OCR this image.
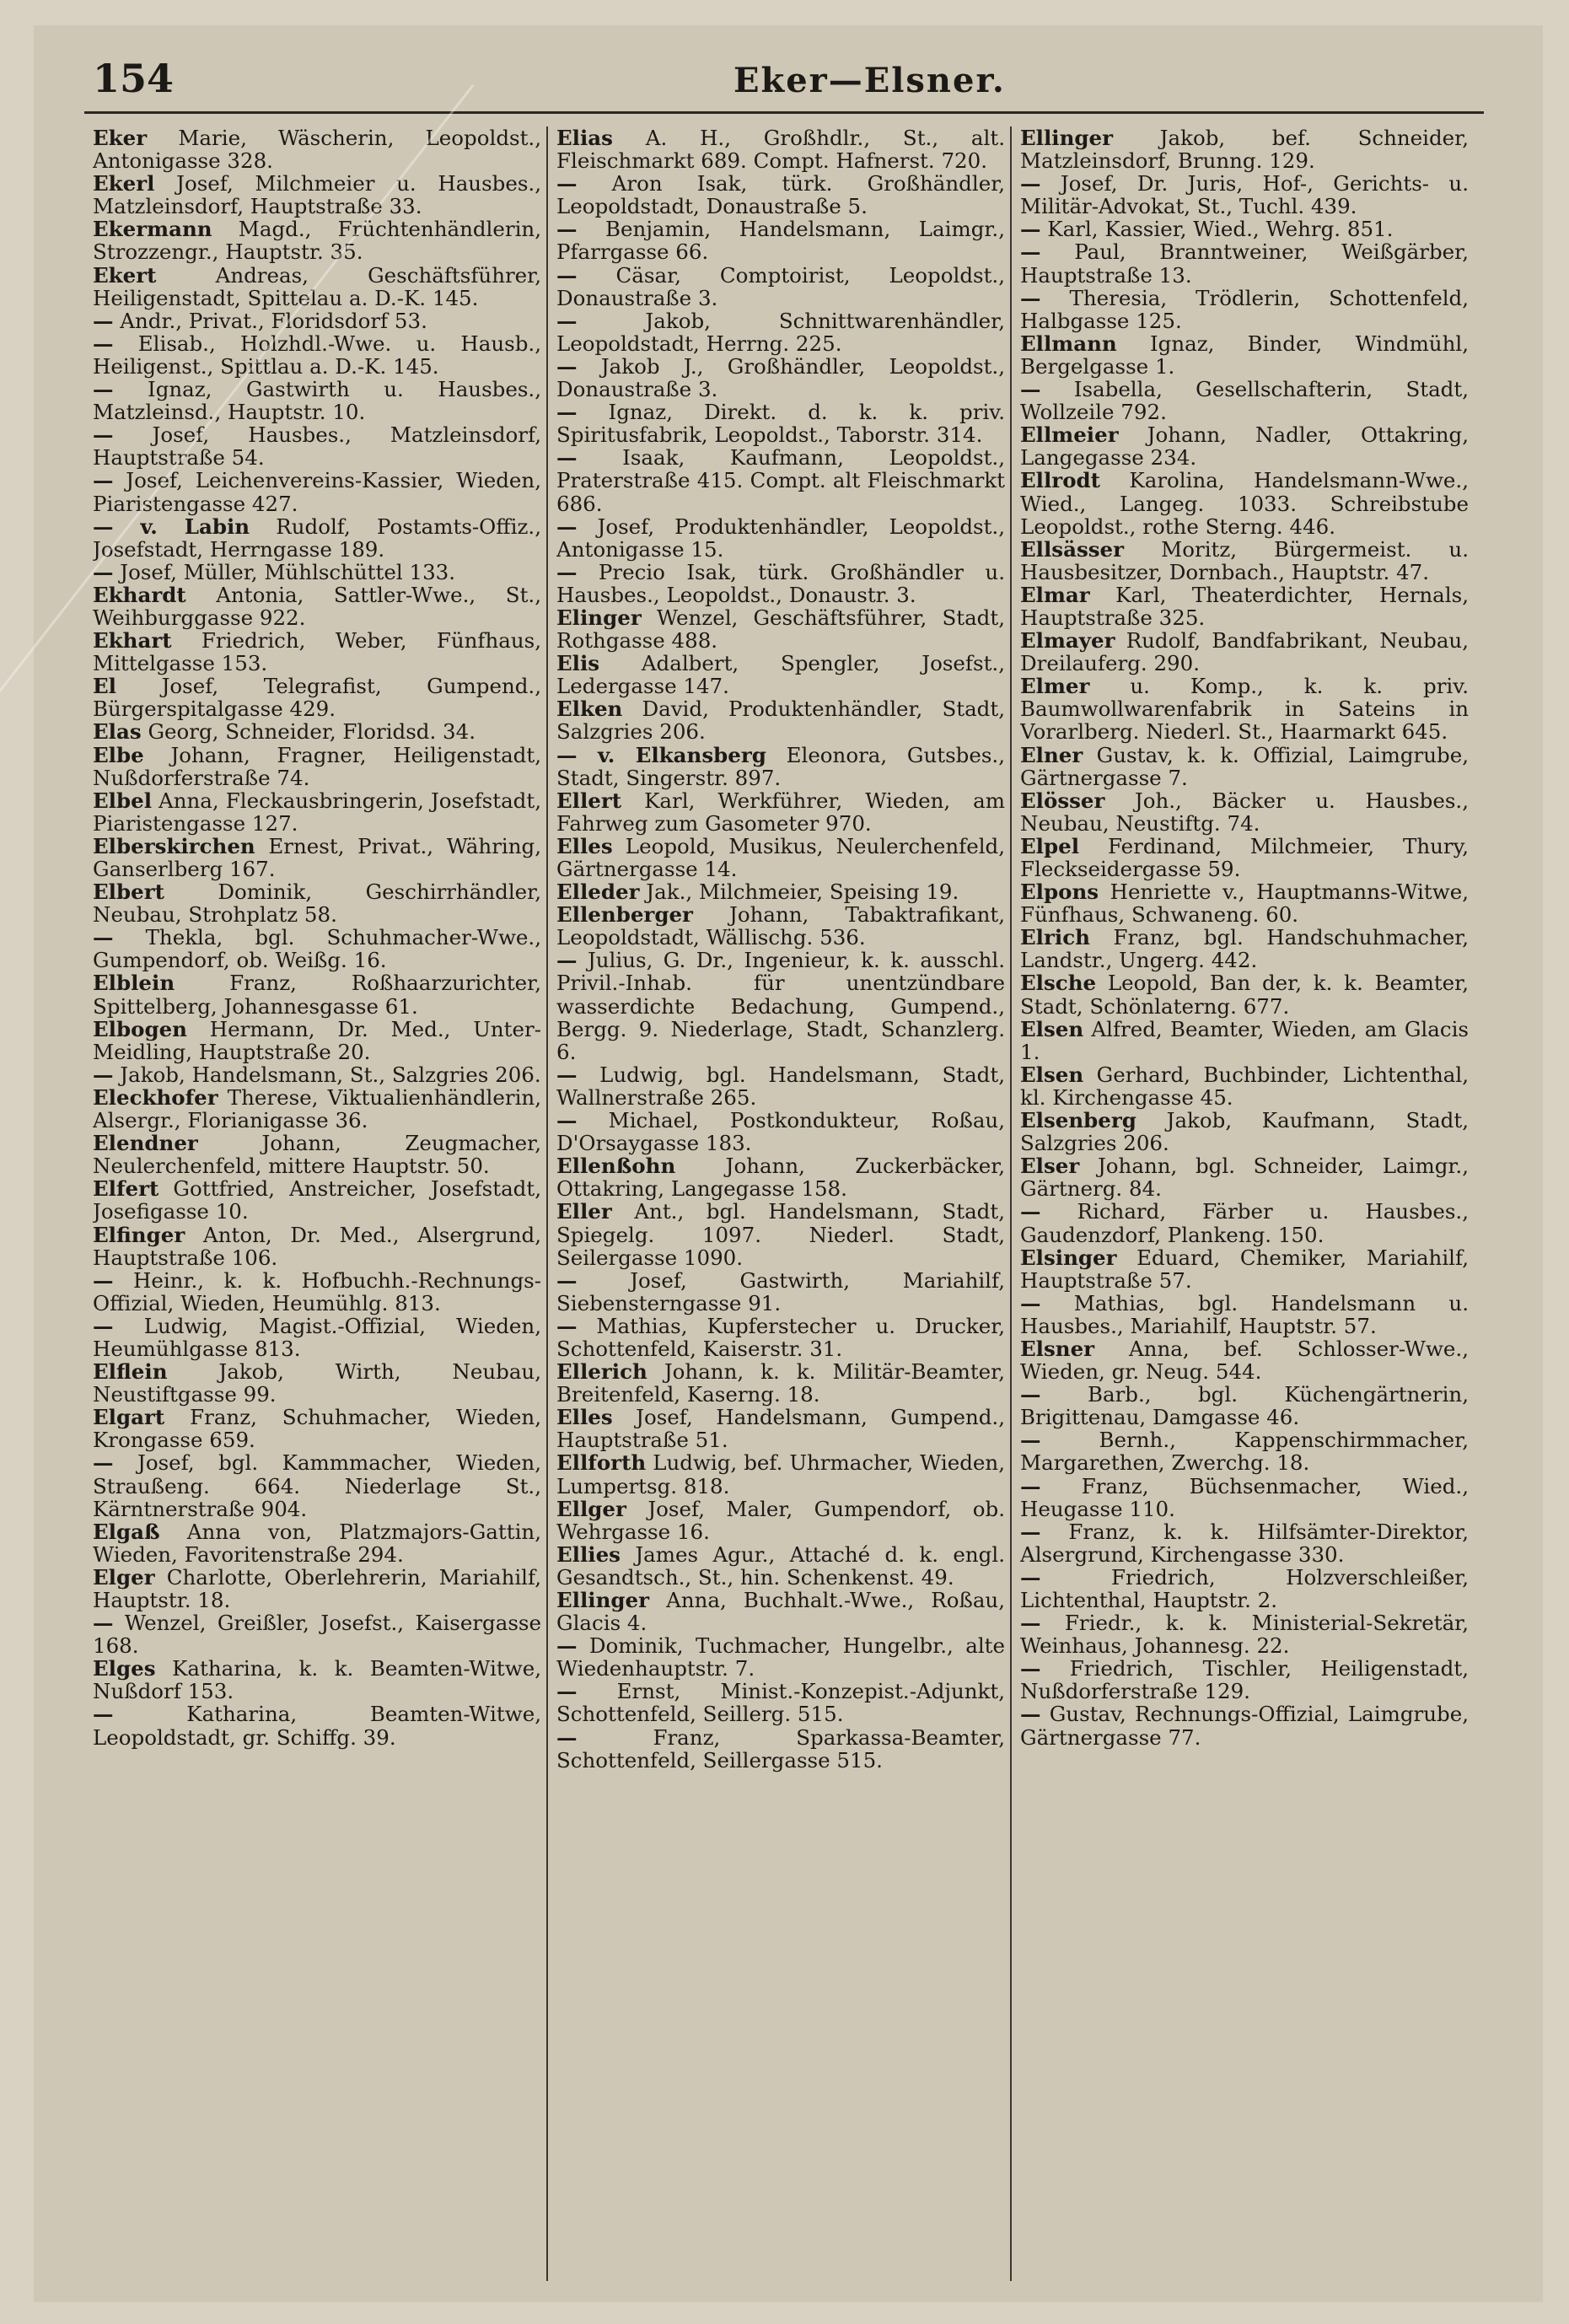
154	Eker—Elsner.

Eker Marie, Wäscherin, Leopoldst., Antonigasse 328.

Ekerl Josef, Milchmeier u. Hausbes., Matzleinsdorf, Hauptstraße 33.

Ekermann Magd., Früchtenhändlerin, Strozzengr., Hauptstr. 35.

Ekert Andreas, Geschäftsführer, Heiligenstadt, Spittelau a. D.-K. 145.

— Andr., Privat., Floridsdorf 53.

— Elisab., Holzhdl.-Wwe. u. Hausb., Heiligenst., Spittlau a. D.-K. 145.

— Ignaz, Gastwirth u. Hausbes., Matzleinsd., Hauptstr. 10.

— Josef, Hausbes., Matzleinsdorf, Hauptstraße 54.

— Josef, Leichenvereins-Kassier, Wieden, Piaristengasse 427.

— v. Labin Rudolf, Postamts-Offiz., Josefstadt, Herrngasse 189.

— Josef, Müller, Mühlschüttel 133.

Ekhardt Antonia, Sattler-Wwe., St., Weihburggasse 922.

Ekhart Friedrich, Weber, Fünfhaus, Mittelgasse 153.

El Josef, Telegrafist, Gumpend., Bürgerspitalgasse 429.

Elas Georg, Schneider, Floridsd. 34.

Elbe Johann, Fragner, Heiligenstadt, Nußdorferstraße 74.

Elbel Anna, Fleckausbringerin, Josefstadt, Piaristengasse 127.

Elberskirchen Ernest, Privat., Währing, Ganserlberg 167.

Elbert Dominik, Geschirrhändler, Neubau, Strohplatz 58.

— Thekla, bgl. Schuhmacher-Wwe., Gumpendorf, ob. Weißg. 16.

Elblein Franz, Roßhaarzurichter, Spittelberg, Johannesgasse 61.

Elbogen Hermann, Dr. Med., Unter-Meidling, Hauptstraße 20.

— Jakob, Handelsmann, St., Salzgries 206.

Eleckhofer Therese, Viktualienhändlerin, Alsergr., Florianigasse 36.

Elendner Johann, Zeugmacher, Neulerchenfeld, mittere Hauptstr. 50.

Elfert Gottfried, Anstreicher, Josefstadt, Josefigasse 10.

Elfinger Anton, Dr. Med., Alsergrund, Hauptstraße 106.

— Heinr., k. k. Hofbuchh.-Rechnungs-Offizial, Wieden, Heumühlg. 813.

— Ludwig, Magist.-Offizial, Wieden, Heumühlgasse 813.

Elflein Jakob, Wirth, Neubau, Neustiftgasse 99.

Elgart Franz, Schuhmacher, Wieden, Krongasse 659.

— Josef, bgl. Kammmacher, Wieden, Straußeng. 664. Niederlage St., Kärntnerstraße 904.

Elgaß Anna von, Platzmajors-Gattin, Wieden, Favoritenstraße 294.

Elger Charlotte, Oberlehrerin, Mariahilf, Hauptstr. 18.

— Wenzel, Greißler, Josefst., Kaisergasse 168.

Elges Katharina, k. k. Beamten-Witwe, Nußdorf 153.

— Katharina, Beamten-Witwe, Leopoldstadt, gr. Schiffg. 39.

Elias A. H., Großhdlr., St., alt. Fleischmarkt 689. Compt. Hafnerst. 720.

— Aron Isak, türk. Großhändler, Leopoldstadt, Donaustraße 5.

— Benjamin, Handelsmann, Laimgr., Pfarrgasse 66.

— Cäsar, Comptoirist, Leopoldst., Donaustraße 3.

— Jakob, Schnittwarenhändler, Leopoldstadt, Herrng. 225.

— Jakob J., Großhändler, Leopoldst., Donaustraße 3.

— Ignaz, Direkt. d. k. k. priv. Spiritusfabrik, Leopoldst., Taborstr. 314.

— Isaak, Kaufmann, Leopoldst., Praterstraße 415. Compt. alt Fleischmarkt 686.

— Josef, Produktenhändler, Leopoldst., Antonigasse 15.

— Precio Isak, türk. Großhändler u. Hausbes., Leopoldst., Donaustr. 3.

Elinger Wenzel, Geschäftsführer, Stadt, Rothgasse 488.

Elis Adalbert, Spengler, Josefst., Ledergasse 147.

Elken David, Produktenhändler, Stadt, Salzgries 206.

— v. Elkansberg Eleonora, Gutsbes., Stadt, Singerstr. 897.

Ellert Karl, Werkführer, Wieden, am Fahrweg zum Gasometer 970.

Elles Leopold, Musikus, Neulerchenfeld, Gärtnergasse 14.

Elleder Jak., Milchmeier, Speising 19.

Ellenberger Johann, Tabaktrafikant, Leopoldstadt, Wällischg. 536.

— Julius, G. Dr., Ingenieur, k. k. ausschl. Privil.-Inhab. für unentzündbare wasserdichte Bedachung, Gumpend., Bergg. 9. Niederlage, Stadt, Schanzlerg. 6.

— Ludwig, bgl. Handelsmann, Stadt, Wallnerstraße 265.

— Michael, Postkondukteur, Roßau, D'Orsaygasse 183.

Ellenßohn Johann, Zuckerbäcker, Ottakring, Langegasse 158.

Eller Ant., bgl. Handelsmann, Stadt, Spiegelg. 1097. Niederl. Stadt, Seilergasse 1090.

— Josef, Gastwirth, Mariahilf, Siebensterngasse 91.

— Mathias, Kupferstecher u. Drucker, Schottenfeld, Kaiserstr. 31.

Ellerich Johann, k. k. Militär-Beamter, Breitenfeld, Kaserng. 18.

Elles Josef, Handelsmann, Gumpend., Hauptstraße 51.

Ellforth Ludwig, bef. Uhrmacher, Wieden, Lumpertsg. 818.

Ellger Josef, Maler, Gumpendorf, ob. Wehrgasse 16.

Ellies James Agur., Attaché d. k. engl. Gesandtsch., St., hin. Schenkenst. 49.

Ellinger Anna, Buchhalt.-Wwe., Roßau, Glacis 4.

— Dominik, Tuchmacher, Hungelbr., alte Wiedenhauptstr. 7.

— Ernst, Minist.-Konzepist.-Adjunkt, Schottenfeld, Seillerg. 515.

— Franz, Sparkassa-Beamter, Schottenfeld, Seillergasse 515.

Ellinger Jakob, bef. Schneider, Matzleinsdorf, Brunng. 129.

— Josef, Dr. Juris, Hof-, Gerichts- u. Militär-Advokat, St., Tuchl. 439.

— Karl, Kassier, Wied., Wehrg. 851.

— Paul, Branntweiner, Weißgärber, Hauptstraße 13.

— Theresia, Trödlerin, Schottenfeld, Halbgasse 125.

Ellmann Ignaz, Binder, Windmühl, Bergelgasse 1.

— Isabella, Gesellschafterin, Stadt, Wollzeile 792.

Ellmeier Johann, Nadler, Ottakring, Langegasse 234.

Ellrodt Karolina, Handelsmann-Wwe., Wied., Langeg. 1033. Schreibstube Leopoldst., rothe Sterng. 446.

Ellsässer Moritz, Bürgermeist. u. Hausbesitzer, Dornbach., Hauptstr. 47.

Elmar Karl, Theaterdichter, Hernals, Hauptstraße 325.

Elmayer Rudolf, Bandfabrikant, Neubau, Dreilauferg. 290.

Elmer u. Komp., k. k. priv. Baumwollwarenfabrik in Sateins in Vorarlberg. Niederl. St., Haarmarkt 645.

Elner Gustav, k. k. Offizial, Laimgrube, Gärtnergasse 7.

Elösser Joh., Bäcker u. Hausbes., Neubau, Neustiftg. 74.

Elpel Ferdinand, Milchmeier, Thury, Fleckseidergasse 59.

Elpons Henriette v., Hauptmanns-Witwe, Fünfhaus, Schwaneng. 60.

Elrich Franz, bgl. Handschuhmacher, Landstr., Ungerg. 442.

Elsche Leopold, Ban der, k. k. Beamter, Stadt, Schönlaterng. 677.

Elsen Alfred, Beamter, Wieden, am Glacis 1.

Elsen Gerhard, Buchbinder, Lichtenthal, kl. Kirchengasse 45.

Elsenberg Jakob, Kaufmann, Stadt, Salzgries 206.

Elser Johann, bgl. Schneider, Laimgr., Gärtnerg. 84.

— Richard, Färber u. Hausbes., Gaudenzdorf, Plankeng. 150.

Elsinger Eduard, Chemiker, Mariahilf, Hauptstraße 57.

— Mathias, bgl. Handelsmann u. Hausbes., Mariahilf, Hauptstr. 57.

Elsner Anna, bef. Schlosser-Wwe., Wieden, gr. Neug. 544.

— Barb., bgl. Küchengärtnerin, Brigittenau, Damgasse 46.

— Bernh., Kappenschirmmacher, Margarethen, Zwerchg. 18.

— Franz, Büchsenmacher, Wied., Heugasse 110.

— Franz, k. k. Hilfsämter-Direktor, Alsergrund, Kirchengasse 330.

— Friedrich, Holzverschleißer, Lichtenthal, Hauptstr. 2.

— Friedr., k. k. Ministerial-Sekretär, Weinhaus, Johannesg. 22.

— Friedrich, Tischler, Heiligenstadt, Nußdorferstraße 129.

— Gustav, Rechnungs-Offizial, Laimgrube, Gärtnergasse 77.
